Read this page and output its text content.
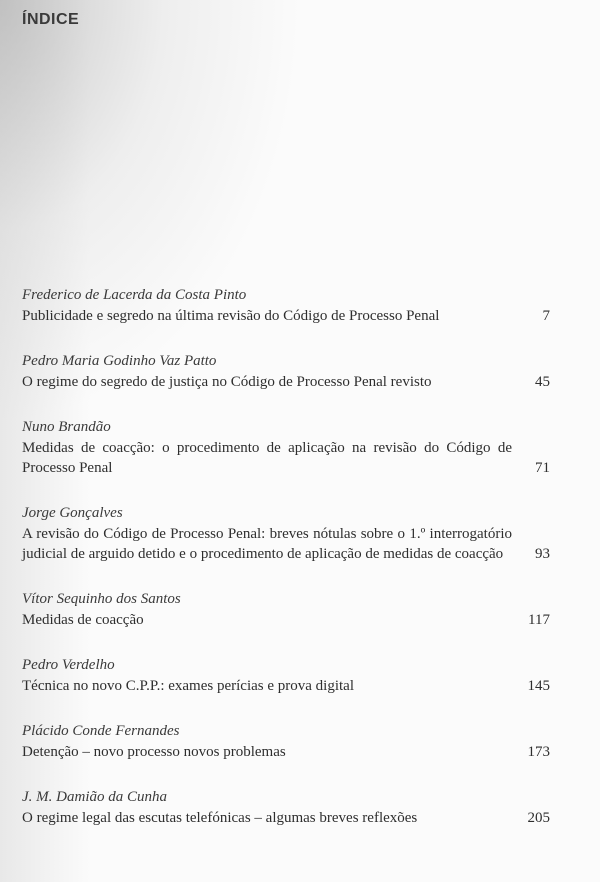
ÍNDICE
Frederico de Lacerda da Costa Pinto
Publicidade e segredo na última revisão do Código de Processo Penal	7
Pedro Maria Godinho Vaz Patto
O regime do segredo de justiça no Código de Processo Penal revisto	45
Nuno Brandão
Medidas de coacção: o procedimento de aplicação na revisão do Código de Processo Penal	71
Jorge Gonçalves
A revisão do Código de Processo Penal: breves nótulas sobre o 1.º interrogatório judicial de arguido detido e o procedimento de aplicação de medidas de coacção	93
Vítor Sequinho dos Santos
Medidas de coacção	117
Pedro Verdelho
Técnica no novo C.P.P.: exames perícias e prova digital	145
Plácido Conde Fernandes
Detenção – novo processo novos problemas	173
J. M. Damião da Cunha
O regime legal das escutas telefónicas – algumas breves reflexões	205
